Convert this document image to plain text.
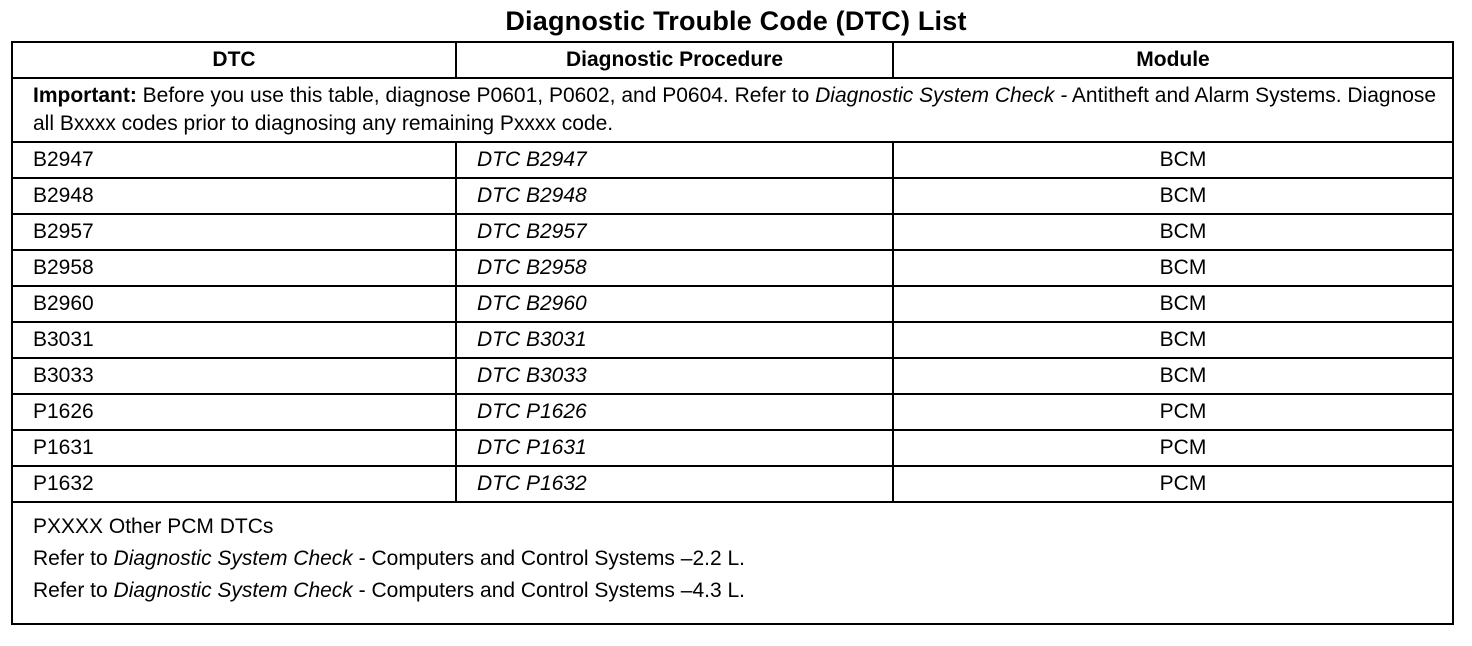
Diagnostic Trouble Code (DTC) List
DTC	Diagnostic Procedure	Module
Important: Before you use this table, diagnose P0601, P0602, and P0604. Refer to Diagnostic System Check - Antitheft and Alarm Systems. Diagnose all Bxxxx codes prior to diagnosing any remaining Pxxxx code.		
B2947	DTC B2947	BCM
B2948	DTC B2948	BCM
B2957	DTC B2957	BCM
B2958	DTC B2958	BCM
B2960	DTC B2960	BCM
B3031	DTC B3031	BCM
B3033	DTC B3033	BCM
P1626	DTC P1626	PCM
P1631	DTC P1631	PCM
P1632	DTC P1632	PCM

PXXXX Other PCM DTCs
Refer to Diagnostic System Check - Computers and Control Systems –2.2 L.
Refer to Diagnostic System Check - Computers and Control Systems –4.3 L.		
